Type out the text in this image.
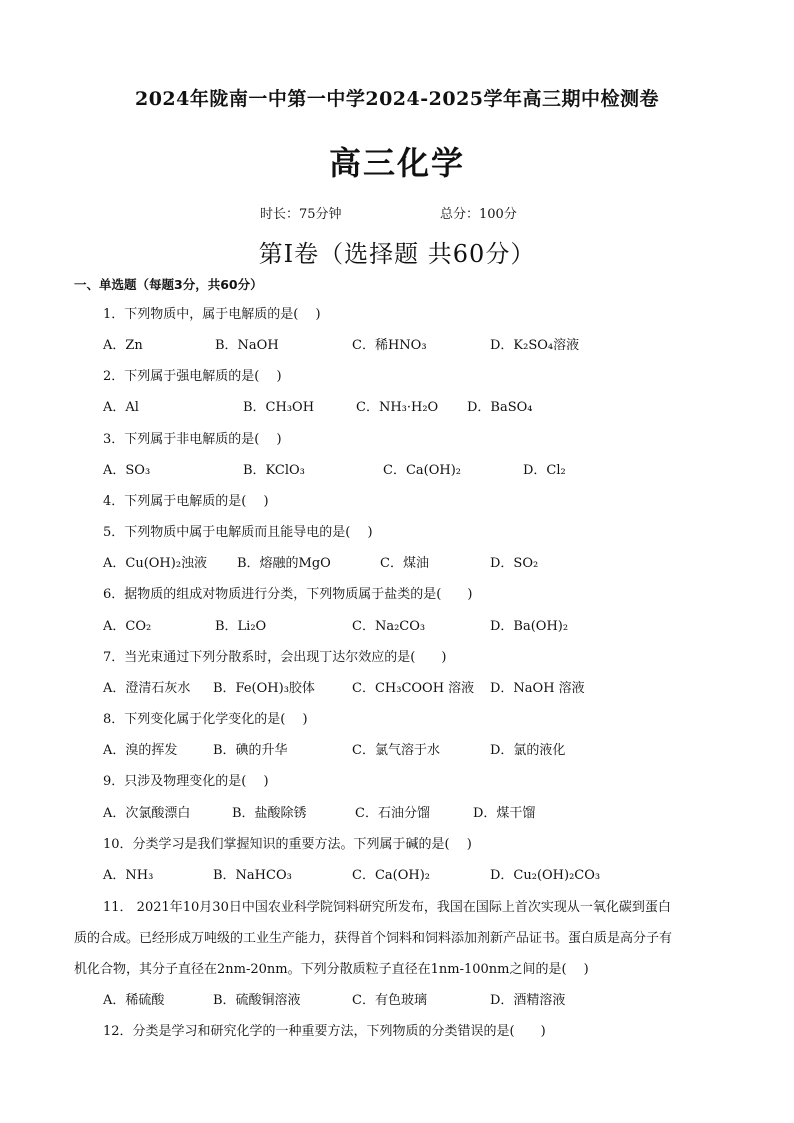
2024年陇南一中第一中学2024-2025学年高三期中检测卷
高三化学
时长：75分钟	总分：100分
第Ⅰ卷（选择题 共60分）
一、单选题（每题3分，共60分）
1．下列物质中，属于电解质的是(　 )
A．Zn	B．NaOH	C．稀HNO₃	D．K₂SO₄溶液
2．下列属于强电解质的是(　 )
A．Al	B．CH₃OH	C．NH₃·H₂O D．BaSO₄
3．下列属于非电解质的是(　 )
A．SO₃	B．KClO₃	C．Ca(OH)₂	D．Cl₂
4．下列属于电解质的是(　 )
5．下列物质中属于电解质而且能导电的是(　 )
A．Cu(OH)₂浊液 B．熔融的MgO	C．煤油	D．SO₂
6．据物质的组成对物质进行分类，下列物质属于盐类的是(　　)
A．CO₂	B．Li₂O	C．Na₂CO₃	D．Ba(OH)₂
7．当光束通过下列分散系时，会出现丁达尔效应的是(　　)
A．澄清石灰水 B．Fe(OH)₃胶体	C．CH₃COOH 溶液 D．NaOH 溶液
8．下列变化属于化学变化的是(　 )
A．溴的挥发	B．碘的升华	C．氯气溶于水	D．氯的液化
9．只涉及物理变化的是(　 )
A．次氯酸漂白	B．盐酸除锈	C．石油分馏	D．煤干馏
10．分类学习是我们掌握知识的重要方法。下列属于碱的是(　 )
A．NH₃	B．NaHCO₃	C．Ca(OH)₂	D．Cu₂(OH)₂CO₃
11． 2021年10月30日中国农业科学院饲料研究所发布，我国在国际上首次实现从一氧化碳到蛋白
质的合成。已经形成万吨级的工业生产能力，获得首个饲料和饲料添加剂新产品证书。蛋白质是高分子有
机化合物，其分子直径在2nm-20nm。下列分散质粒子直径在1nm-100nm之间的是(　 )
A．稀硫酸	B．硫酸铜溶液	C．有色玻璃	D．酒精溶液
12．分类是学习和研究化学的一种重要方法，下列物质的分类错误的是(　　)
